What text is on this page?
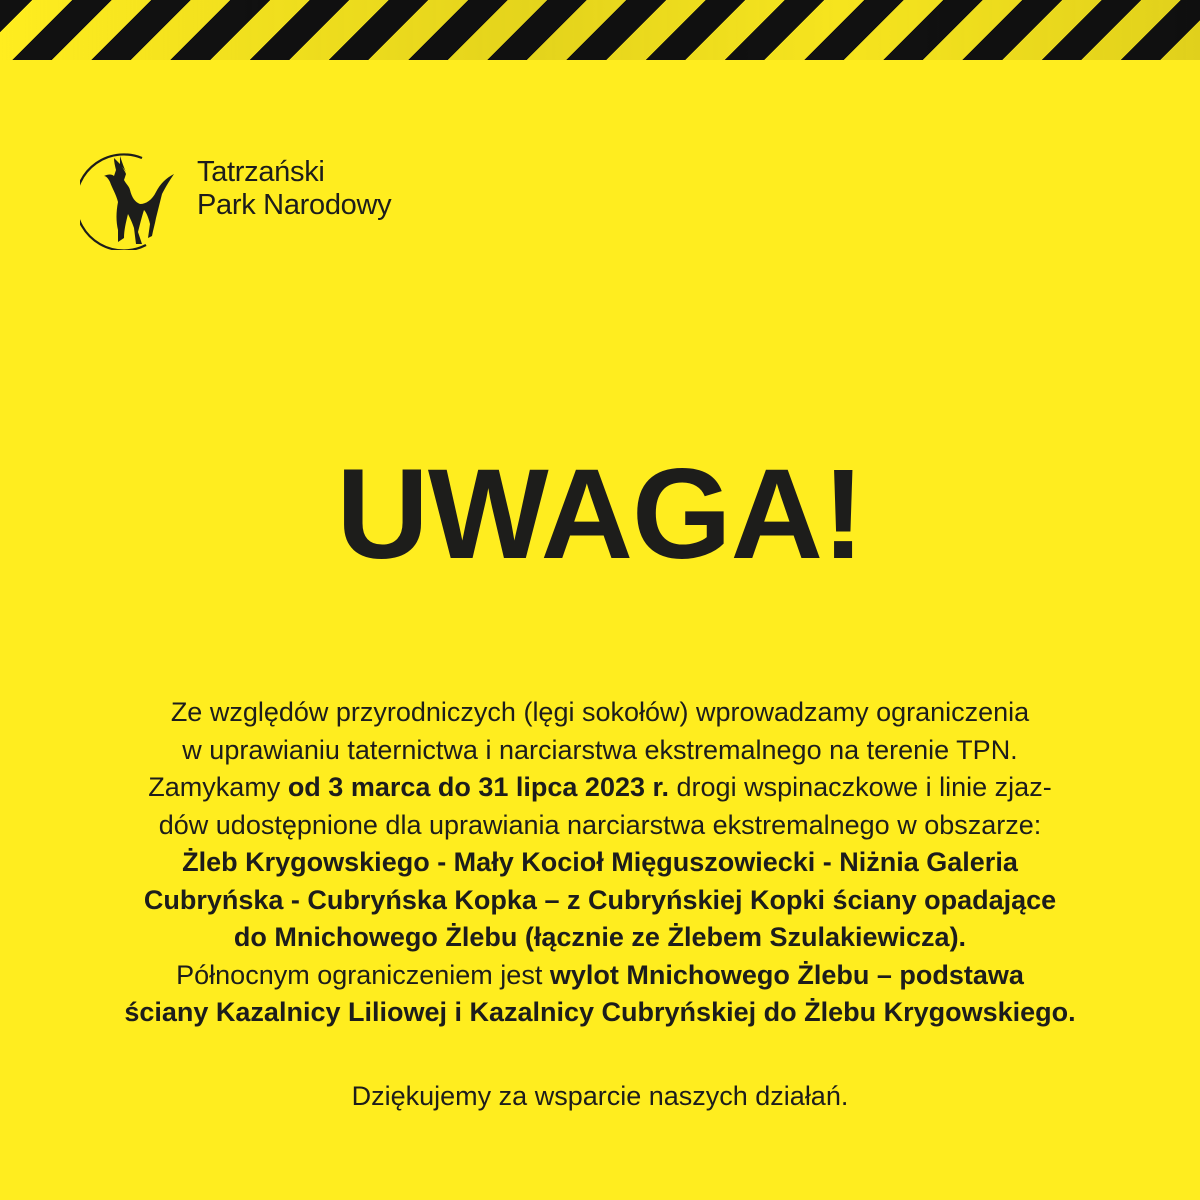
Tatrzański
Park Narodowy
UWAGA!

Ze względów przyrodniczych (lęgi sokołów) wprowadzamy ograniczenia
w uprawianiu taternictwa i narciarstwa ekstremalnego na terenie TPN.
Zamykamy od 3 marca do 31 lipca 2023 r. drogi wspinaczkowe i linie zjaz-
dów udostępnione dla uprawiania narciarstwa ekstremalnego w obszarze:
Żleb Krygowskiego - Mały Kocioł Mięguszowiecki - Niżnia Galeria
Cubryńska - Cubryńska Kopka – z Cubryńskiej Kopki ściany opadające
do Mnichowego Żlebu (łącznie ze Żlebem Szulakiewicza).
Północnym ograniczeniem jest wylot Mnichowego Żlebu – podstawa
ściany Kazalnicy Liliowej i Kazalnicy Cubryńskiej do Żlebu Krygowskiego.

Dziękujemy za wsparcie naszych działań.
